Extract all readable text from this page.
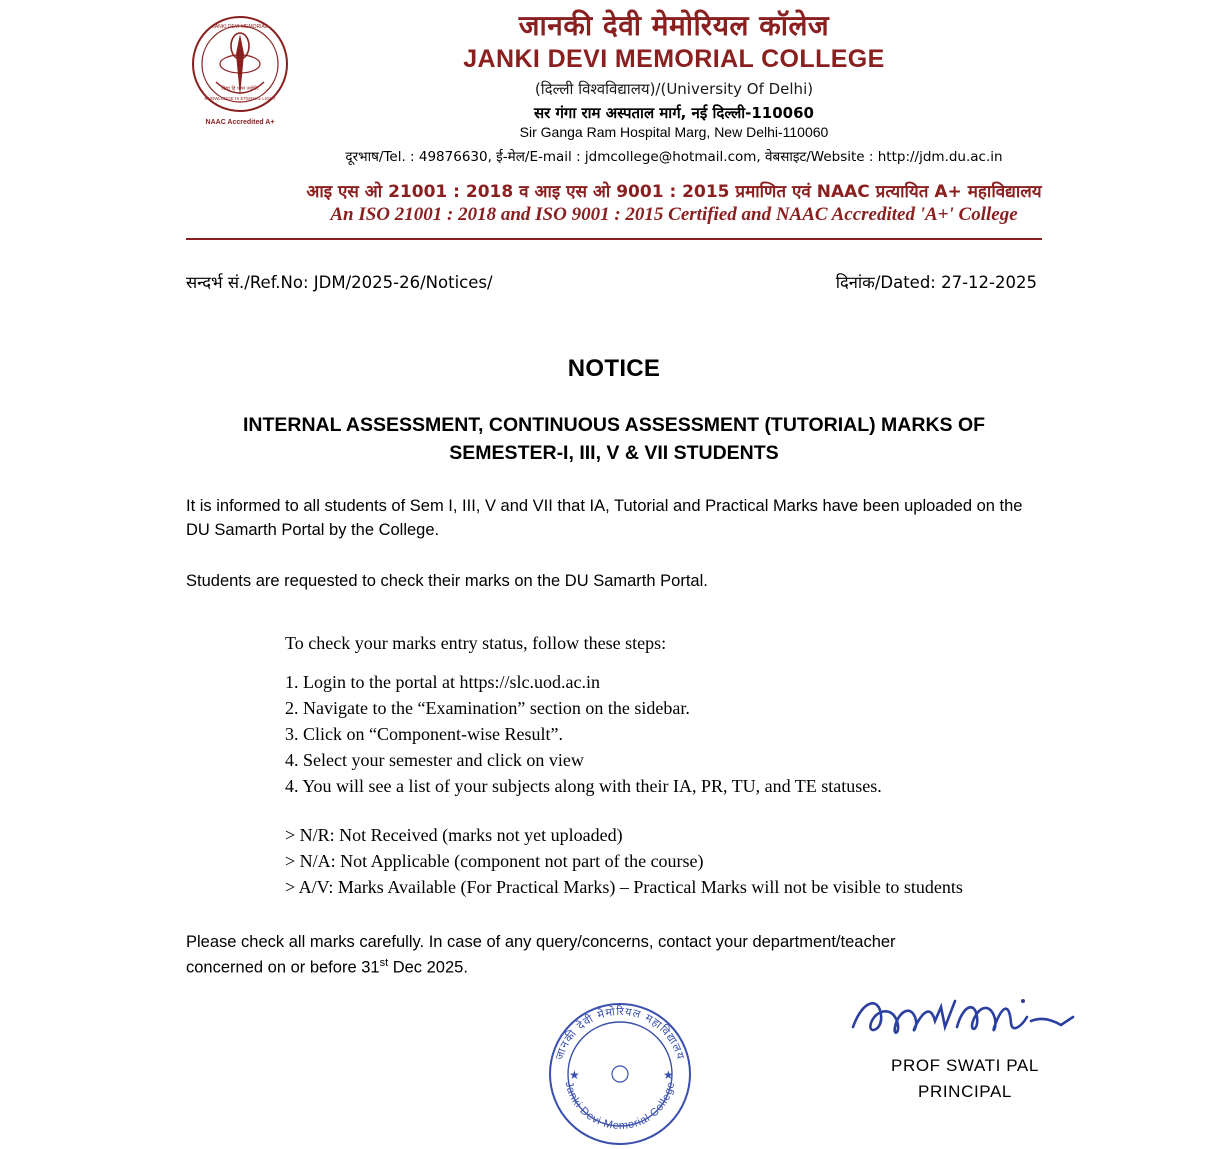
JANKI DEVI MEMORIAL
विद्या हि परमं ज्योतिः
KNOWLEDGE IS ETERNAL LIGHT
NAAC Accredited A+
जानकी देवी मेमोरियल कॉलेज
JANKI DEVI MEMORIAL COLLEGE
(दिल्ली विश्वविद्यालय)/(University Of Delhi)
सर गंगा राम अस्पताल मार्ग, नई दिल्ली-110060
Sir Ganga Ram Hospital Marg, New Delhi-110060
दूरभाष/Tel. : 49876630, ई-मेल/E-mail : jdmcollege@hotmail.com, वेबसाइट/Website : http://jdm.du.ac.in
आइ एस ओ 21001 : 2018 व आइ एस ओ 9001 : 2015 प्रमाणित एवं NAAC प्रत्यायित A+ महाविद्यालय
An ISO 21001 : 2018 and ISO 9001 : 2015 Certified and NAAC Accredited 'A+' College
सन्दर्भ सं./Ref.No: JDM/2025-26/Notices/	दिनांक/Dated: 27-12-2025
NOTICE
INTERNAL ASSESSMENT, CONTINUOUS ASSESSMENT (TUTORIAL) MARKS OF SEMESTER-I, III, V & VII STUDENTS
It is informed to all students of Sem I, III, V and VII that IA, Tutorial and Practical Marks have been uploaded on the DU Samarth Portal by the College.
Students are requested to check their marks on the DU Samarth Portal.
To check your marks entry status, follow these steps:
1. Login to the portal at https://slc.uod.ac.in
2. Navigate to the “Examination” section on the sidebar.
3. Click on “Component-wise Result”.
4. Select your semester and click on view
4. You will see a list of your subjects along with their IA, PR, TU, and TE statuses.
> N/R: Not Received (marks not yet uploaded)
> N/A: Not Applicable (component not part of the course)
> A/V: Marks Available (For Practical Marks) – Practical Marks will not be visible to students
Please check all marks carefully. In case of any query/concerns, contact your department/teacher
concerned on or before 31st Dec 2025.
जानकी देवी मेमोरियल महाविद्यालय
Janki Devi Memorial College
★	★	PROF SWATI PAL
PRINCIPAL
